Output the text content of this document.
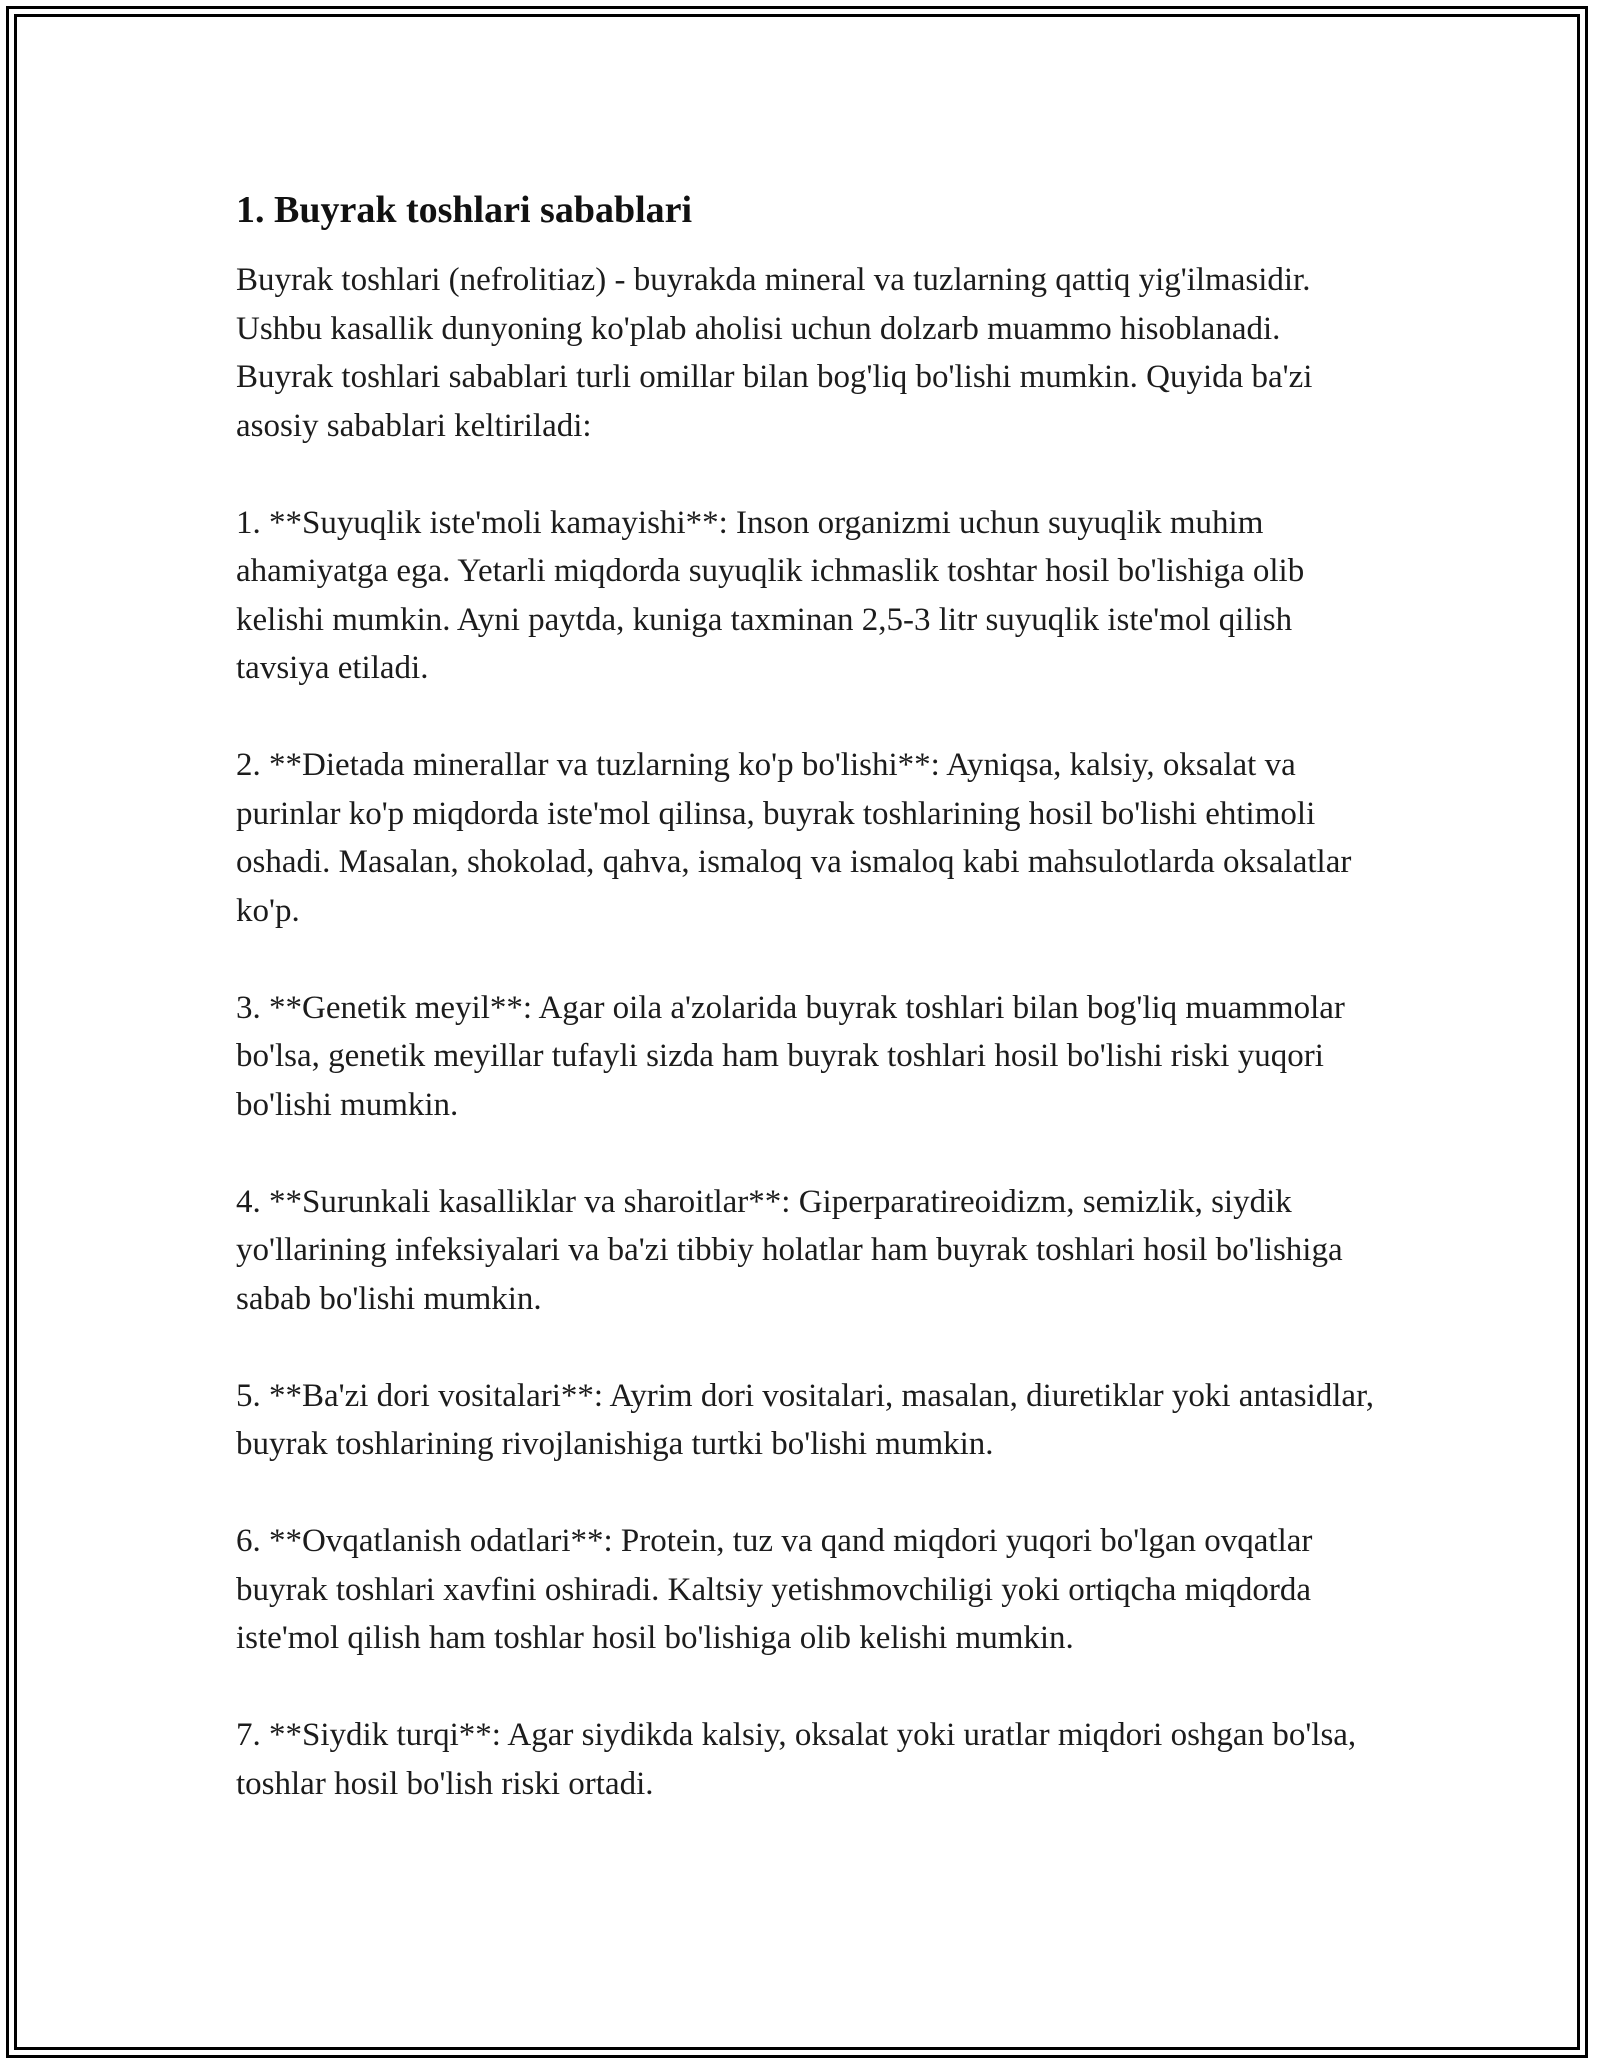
1. Buyrak toshlari sabablari

Buyrak toshlari (nefrolitiaz) - buyrakda mineral va tuzlarning qattiq yig'ilmasidir. Ushbu kasallik dunyoning ko'plab aholisi uchun dolzarb muammo hisoblanadi. Buyrak toshlari sabablari turli omillar bilan bog'liq bo'lishi mumkin. Quyida ba'zi asosiy sabablari keltiriladi:

1. **Suyuqlik iste'moli kamayishi**: Inson organizmi uchun suyuqlik muhim ahamiyatga ega. Yetarli miqdorda suyuqlik ichmaslik toshtar hosil bo'lishiga olib kelishi mumkin. Ayni paytda, kuniga taxminan 2,5-3 litr suyuqlik iste'mol qilish tavsiya etiladi.

2. **Dietada minerallar va tuzlarning ko'p bo'lishi**: Ayniqsa, kalsiy, oksalat va purinlar ko'p miqdorda iste'mol qilinsa, buyrak toshlarining hosil bo'lishi ehtimoli oshadi. Masalan, shokolad, qahva, ismaloq va ismaloq kabi mahsulotlarda oksalatlar ko'p.

3. **Genetik meyil**: Agar oila a'zolarida buyrak toshlari bilan bog'liq muammolar bo'lsa, genetik meyillar tufayli sizda ham buyrak toshlari hosil bo'lishi riski yuqori bo'lishi mumkin.

4. **Surunkali kasalliklar va sharoitlar**: Giperparatireoidizm, semizlik, siydik yo'llarining infeksiyalari va ba'zi tibbiy holatlar ham buyrak toshlari hosil bo'lishiga sabab bo'lishi mumkin.

5. **Ba'zi dori vositalari**: Ayrim dori vositalari, masalan, diuretiklar yoki antasidlar, buyrak toshlarining rivojlanishiga turtki bo'lishi mumkin.

6. **Ovqatlanish odatlari**: Protein, tuz va qand miqdori yuqori bo'lgan ovqatlar buyrak toshlari xavfini oshiradi. Kaltsiy yetishmovchiligi yoki ortiqcha miqdorda iste'mol qilish ham toshlar hosil bo'lishiga olib kelishi mumkin.

7. **Siydik turqi**: Agar siydikda kalsiy, oksalat yoki uratlar miqdori oshgan bo'lsa, toshlar hosil bo'lish riski ortadi.
